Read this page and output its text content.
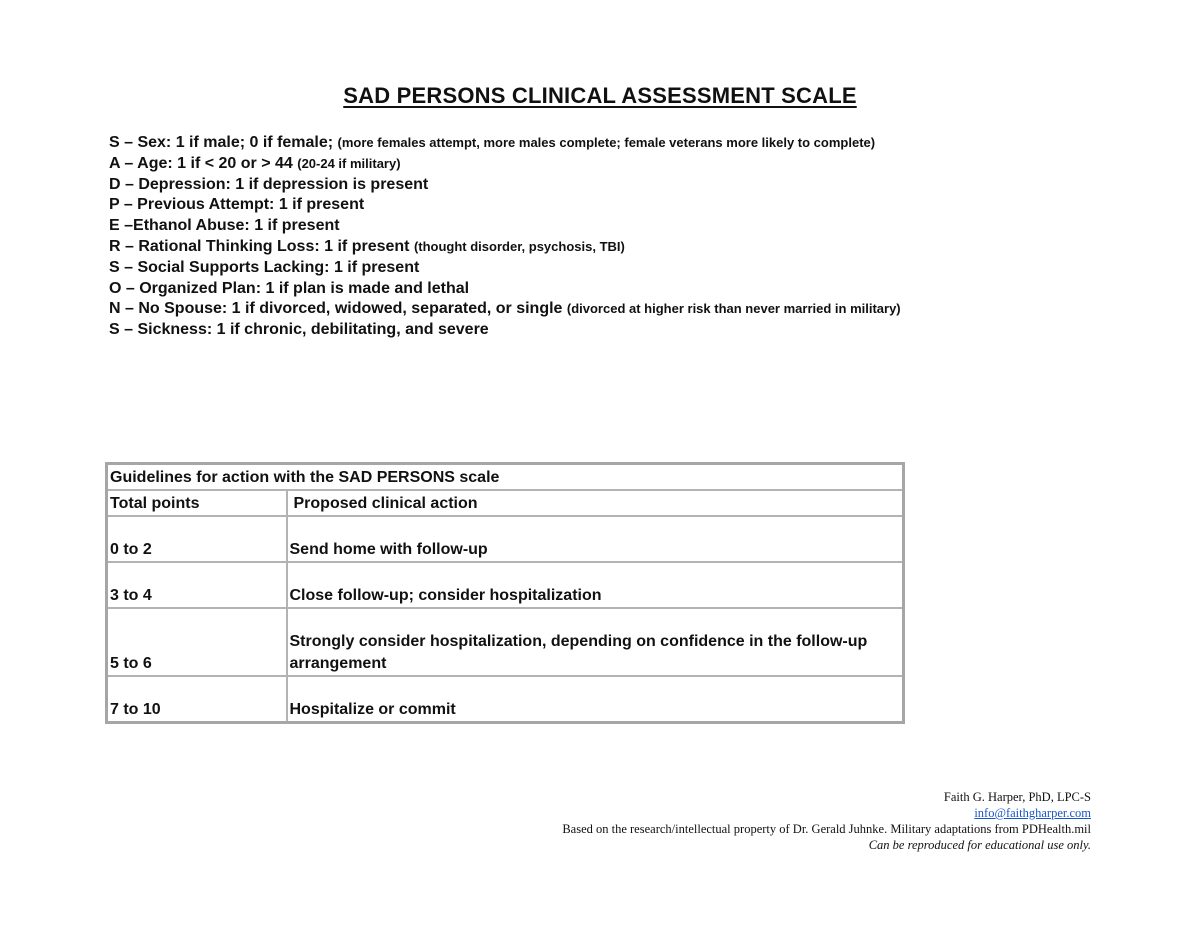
SAD PERSONS CLINICAL ASSESSMENT SCALE
S – Sex: 1 if male; 0 if female; (more females attempt, more males complete; female veterans more likely to complete)
A – Age: 1 if < 20 or > 44 (20-24 if military)
D – Depression: 1 if depression is present
P – Previous Attempt: 1 if present
E –Ethanol Abuse: 1 if present
R – Rational Thinking Loss: 1 if present (thought disorder, psychosis, TBI)
S – Social Supports Lacking: 1 if present
O – Organized Plan: 1 if plan is made and lethal
N – No Spouse: 1 if divorced, widowed, separated, or single (divorced at higher risk than never married in military)
S – Sickness: 1 if chronic, debilitating, and severe
Guidelines for action with the SAD PERSONS scale	
Total points	Proposed clinical action
0 to 2	Send home with follow-up
3 to 4	Close follow-up; consider hospitalization
5 to 6	Strongly consider hospitalization, depending on confidence in the follow-up arrangement
7 to 10	Hospitalize or commit
Faith G. Harper, PhD, LPC-S
info@faithgharper.com
Based on the research/intellectual property of Dr. Gerald Juhnke. Military adaptations from PDHealth.mil
Can be reproduced for educational use only.
